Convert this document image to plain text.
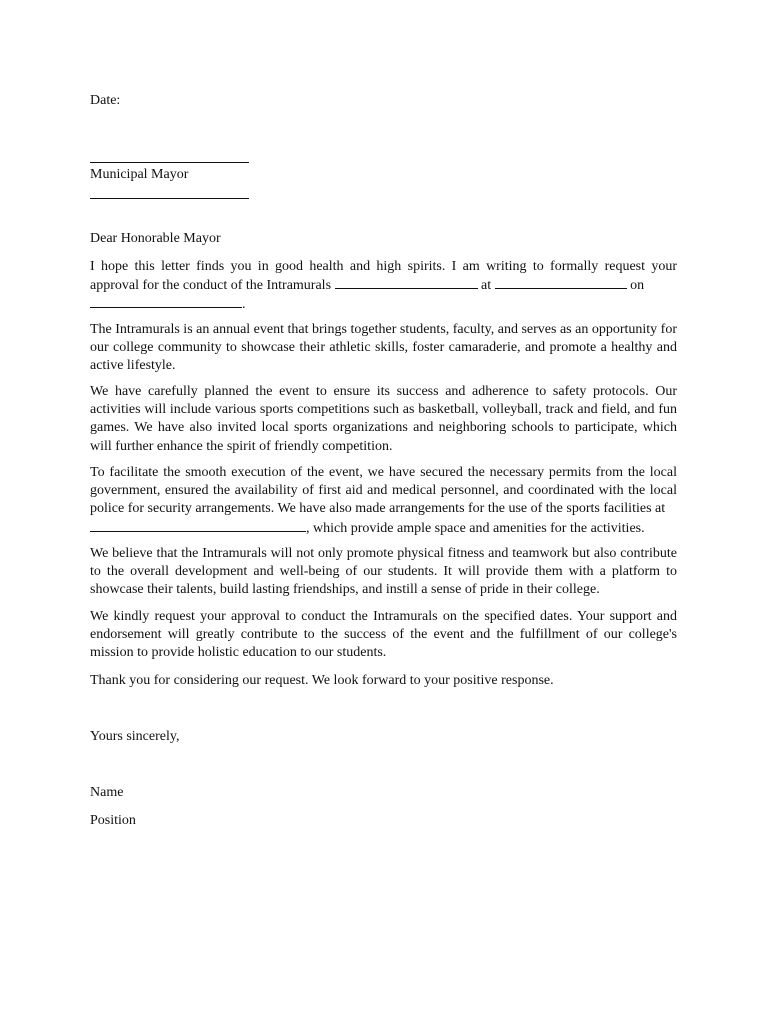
Date:
Municipal Mayor
Dear Honorable Mayor
I hope this letter finds you in good health and high spirits. I am writing to formally request your approval for the conduct of the Intramurals	at	on
.
The Intramurals is an annual event that brings together students, faculty, and serves as an opportunity for our college community to showcase their athletic skills, foster camaraderie, and promote a healthy and active lifestyle.
We have carefully planned the event to ensure its success and adherence to safety protocols. Our activities will include various sports competitions such as basketball, volleyball, track and field, and fun games. We have also invited local sports organizations and neighboring schools to participate, which will further enhance the spirit of friendly competition.
To facilitate the smooth execution of the event, we have secured the necessary permits from the local government, ensured the availability of first aid and medical personnel, and coordinated with the local police for security arrangements. We have also made arrangements for the use of the sports facilities at
, which provide ample space and amenities for the activities.
We believe that the Intramurals will not only promote physical fitness and teamwork but also contribute to the overall development and well-being of our students. It will provide them with a platform to showcase their talents, build lasting friendships, and instill a sense of pride in their college.
We kindly request your approval to conduct the Intramurals on the specified dates. Your support and endorsement will greatly contribute to the success of the event and the fulfillment of our college's mission to provide holistic education to our students.
Thank you for considering our request. We look forward to your positive response.
Yours sincerely,
Name
Position
